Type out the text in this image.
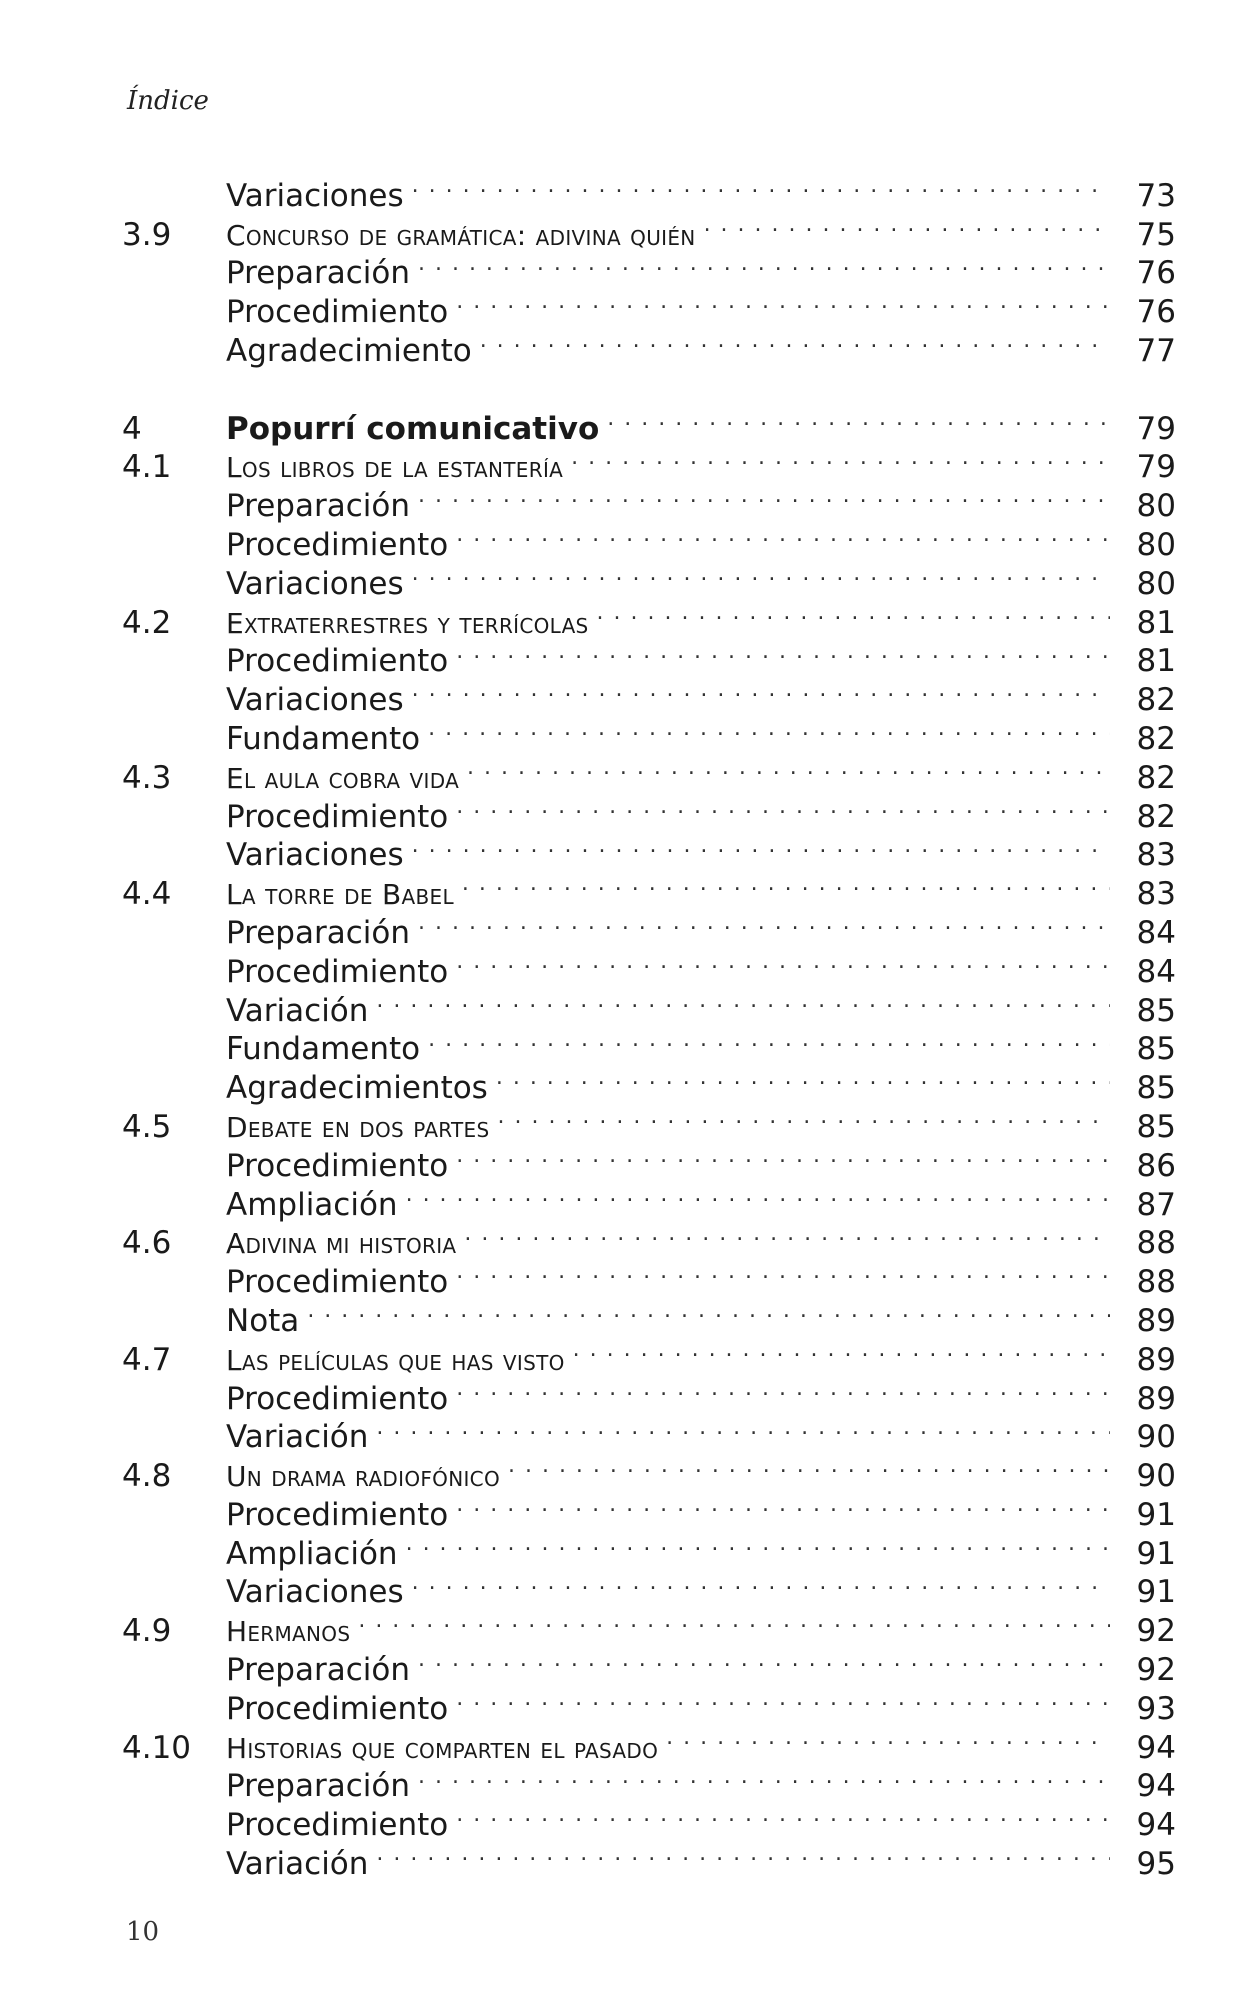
Índice
Variaciones . . .	73
3.9	Concurso de gramática: adivina quién . . .	75
Preparación . . .	76
Procedimiento . . .	76
Agradecimiento . . .	77
4	Popurrí comunicativo . . .	79
4.1	Los libros de la estantería . . .	79
Preparación . . .	80
Procedimiento . . .	80
Variaciones . . .	80
4.2	Extraterrestres y terrícolas . . .	81
Procedimiento . . .	81
Variaciones . . .	82
Fundamento . . .	82
4.3	El aula cobra vida . . .	82
Procedimiento . . .	82
Variaciones . . .	83
4.4	La torre de Babel . . .	83
Preparación . . .	84
Procedimiento . . .	84
Variación . . .	85
Fundamento . . .	85
Agradecimientos . . .	85
4.5	Debate en dos partes . . .	85
Procedimiento . . .	86
Ampliación . . .	87
4.6	Adivina mi historia . . .	88
Procedimiento . . .	88
Nota . . .	89
4.7	Las películas que has visto . . .	89
Procedimiento . . .	89
Variación . . .	90
4.8	Un drama radiofónico . . .	90
Procedimiento . . .	91
Ampliación . . .	91
Variaciones . . .	91
4.9	Hermanos . . .	92
Preparación . . .	92
Procedimiento . . .	93
4.10	Historias que comparten el pasado . . .	94
Preparación . . .	94
Procedimiento . . .	94
Variación . . .	95
10
